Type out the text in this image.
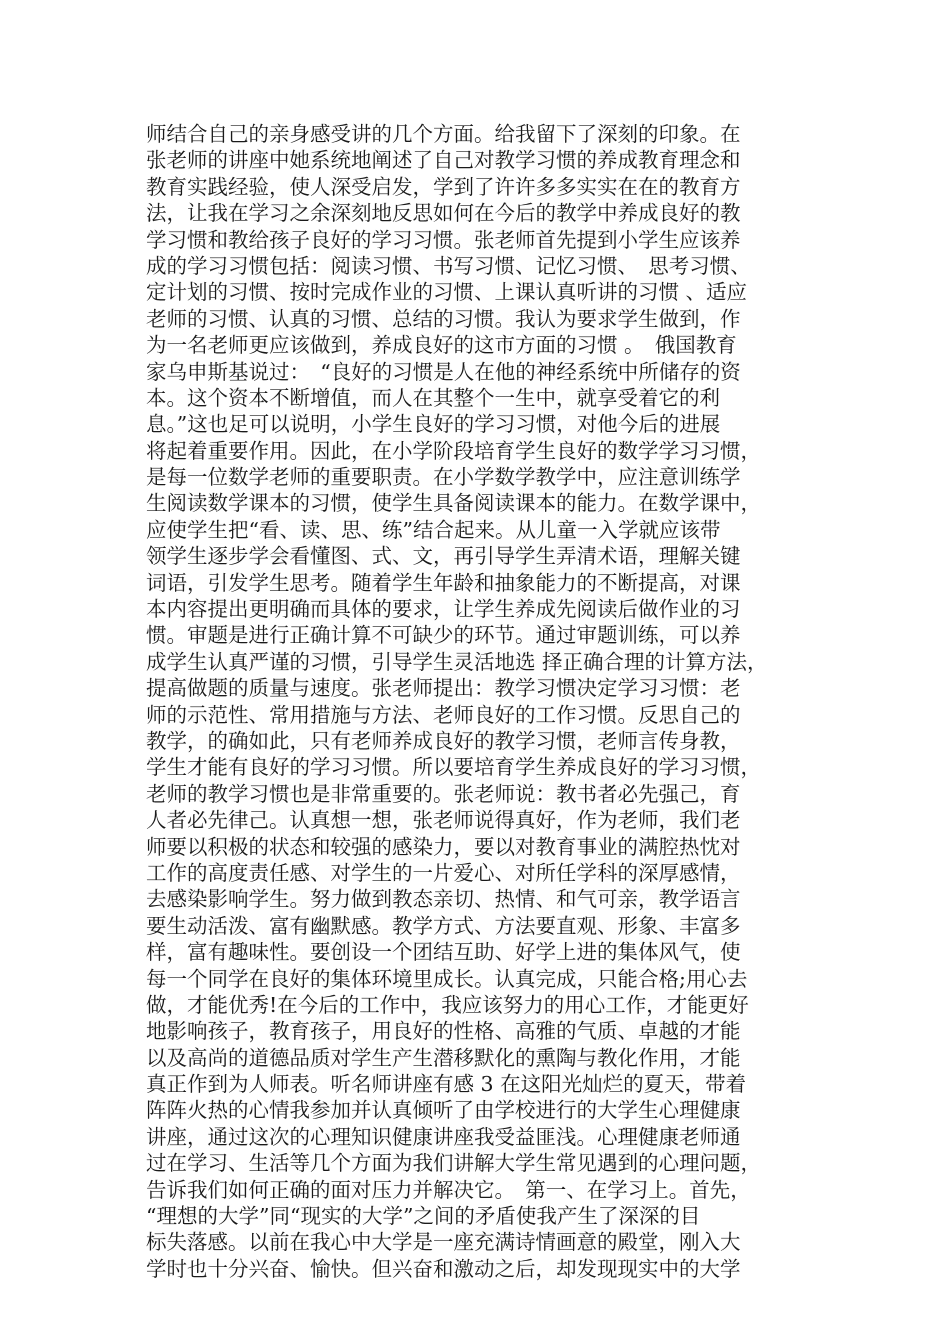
师结合自己的亲身感受讲的几个方面。给我留下了深刻的印象。在
张老师的讲座中她系统地阐述了自己对教学习惯的养成教育理念和
教育实践经验，使人深受启发，学到了许许多多实实在在的教育方
法，让我在学习之余深刻地反思如何在今后的教学中养成良好的教
学习惯和教给孩子良好的学习习惯。张老师首先提到小学生应该养
成的学习习惯包括：阅读习惯、书写习惯、记忆习惯、　思考习惯、
定计划的习惯、按时完成作业的习惯、上课认真听讲的习惯 、适应
老师的习惯、认真的习惯、总结的习惯。我认为要求学生做到，作
为一名老师更应该做到，养成良好的这市方面的习惯 。　俄国教育
家乌申斯基说过：　“良好的习惯是人在他的神经系统中所储存的资
本。这个资本不断增值，而人在其整个一生中，就享受着它的利
息。”这也足可以说明，小学生良好的学习习惯，对他今后的进展
将起着重要作用。因此，在小学阶段培育学生良好的数学学习习惯，
是每一位数学老师的重要职责。在小学数学教学中，应注意训练学
生阅读数学课本的习惯，使学生具备阅读课本的能力。在数学课中，
应使学生把“看、读、思、练”结合起来。从儿童一入学就应该带
领学生逐步学会看懂图、式、文，再引导学生弄清术语，理解关键
词语，引发学生思考。随着学生年龄和抽象能力的不断提高，对课
本内容提出更明确而具体的要求，让学生养成先阅读后做作业的习
惯。审题是进行正确计算不可缺少的环节。通过审题训练，可以养
成学生认真严谨的习惯，引导学生灵活地选 择正确合理的计算方法，
提高做题的质量与速度。张老师提出：教学习惯决定学习习惯：老
师的示范性、常用措施与方法、老师良好的工作习惯。反思自己的
教学，的确如此，只有老师养成良好的教学习惯，老师言传身教，
学生才能有良好的学习习惯。所以要培育学生养成良好的学习习惯，
老师的教学习惯也是非常重要的。张老师说：教书者必先强己，育
人者必先律己。认真想一想，张老师说得真好，作为老师，我们老
师要以积极的状态和较强的感染力，要以对教育事业的满腔热忱对
工作的高度责任感、对学生的一片爱心、对所任学科的深厚感情，
去感染影响学生。努力做到教态亲切、热情、和气可亲，教学语言
要生动活泼、富有幽默感。教学方式、方法要直观、形象、丰富多
样，富有趣味性。要创设一个团结互助、好学上进的集体风气，使
每一个同学在良好的集体环境里成长。认真完成，只能合格;用心去
做，才能优秀!在今后的工作中，我应该努力的用心工作，才能更好
地影响孩子，教育孩子，用良好的性格、高雅的气质、卓越的才能
以及高尚的道德品质对学生产生潜移默化的熏陶与教化作用，才能
真正作到为人师表。听名师讲座有感 3 在这阳光灿烂的夏天，带着
阵阵火热的心情我参加并认真倾听了由学校进行的大学生心理健康
讲座，通过这次的心理知识健康讲座我受益匪浅。心理健康老师通
过在学习、生活等几个方面为我们讲解大学生常见遇到的心理问题，
告诉我们如何正确的面对压力并解决它。　第一、在学习上。首先，
“理想的大学”同“现实的大学”之间的矛盾使我产生了深深的目
标失落感。以前在我心中大学是一座充满诗情画意的殿堂，刚入大
学时也十分兴奋、愉快。但兴奋和激动之后，却发现现实中的大学
